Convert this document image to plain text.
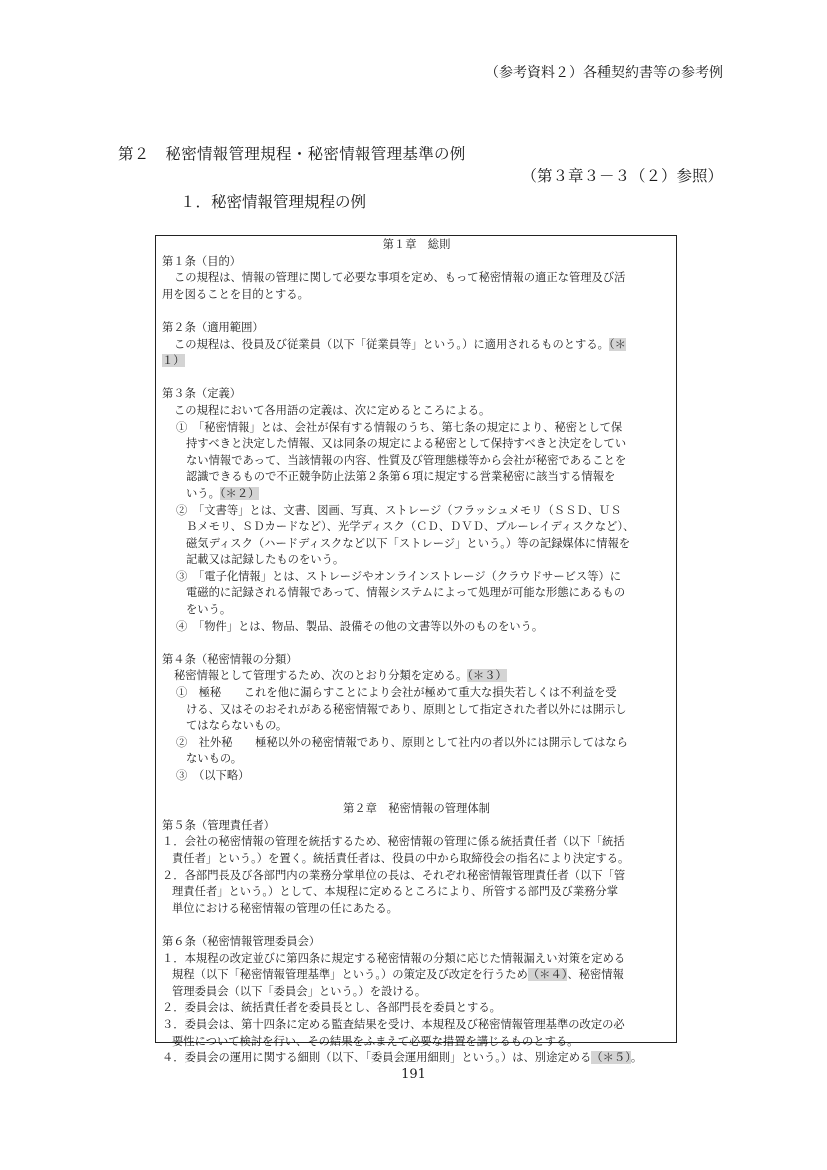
（参考資料２）各種契約書等の参考例
第２　秘密情報管理規程・秘密情報管理基準の例
（第３章３－３（２）参照）
１．秘密情報管理規程の例
第１章　総則
第１条（目的）
この規程は、情報の管理に関して必要な事項を定め、もって秘密情報の適正な管理及び活
用を図ることを目的とする。
第２条（適用範囲）
この規程は、役員及び従業員（以下「従業員等」という。）に適用されるものとする。（＊
１）
第３条（定義）
この規程において各用語の定義は、次に定めるところによる。
①　「秘密情報」とは、会社が保有する情報のうち、第七条の規定により、秘密として保
持すべきと決定した情報、又は同条の規定による秘密として保持すべきと決定をしてい
ない情報であって、当該情報の内容、性質及び管理態様等から会社が秘密であることを
認識できるもので不正競争防止法第２条第６項に規定する営業秘密に該当する情報を
いう。（＊２）
②　「文書等」とは、文書、図画、写真、ストレージ（フラッシュメモリ（ＳＳＤ、ＵＳ
Ｂメモリ、ＳＤカードなど）、光学ディスク（ＣＤ、ＤＶＤ、ブルーレイディスクなど）、
磁気ディスク（ハードディスクなど以下「ストレージ」という。）等の記録媒体に情報を
記載又は記録したものをいう。
③　「電子化情報」とは、ストレージやオンラインストレージ（クラウドサービス等）に
電磁的に記録される情報であって、情報システムによって処理が可能な形態にあるもの
をいう。
④　「物件」とは、物品、製品、設備その他の文書等以外のものをいう。
第４条（秘密情報の分類）
秘密情報として管理するため、次のとおり分類を定める。（＊３）
①　極秘　　これを他に漏らすことにより会社が極めて重大な損失若しくは不利益を受
ける、又はそのおそれがある秘密情報であり、原則として指定された者以外には開示し
てはならないもの。
②　社外秘　　極秘以外の秘密情報であり、原則として社内の者以外には開示してはなら
ないもの。
③　（以下略）
第２章　秘密情報の管理体制
第５条（管理責任者）
１．会社の秘密情報の管理を統括するため、秘密情報の管理に係る統括責任者（以下「統括
責任者」という。）を置く。統括責任者は、役員の中から取締役会の指名により決定する。
２．各部門長及び各部門内の業務分掌単位の長は、それぞれ秘密情報管理責任者（以下「管
理責任者」という。）として、本規程に定めるところにより、所管する部門及び業務分掌
単位における秘密情報の管理の任にあたる。
第６条（秘密情報管理委員会）
１．本規程の改定並びに第四条に規定する秘密情報の分類に応じた情報漏えい対策を定める
規程（以下「秘密情報管理基準」という。）の策定及び改定を行うため（＊４）、秘密情報
管理委員会（以下「委員会」という。）を設ける。
２．委員会は、統括責任者を委員長とし、各部門長を委員とする。
３．委員会は、第十四条に定める監査結果を受け、本規程及び秘密情報管理基準の改定の必
要性について検討を行い、その結果をふまえて必要な措置を講じるものとする。
４．委員会の運用に関する細則（以下、「委員会運用細則」という。）は、別途定める（＊５）。
191
